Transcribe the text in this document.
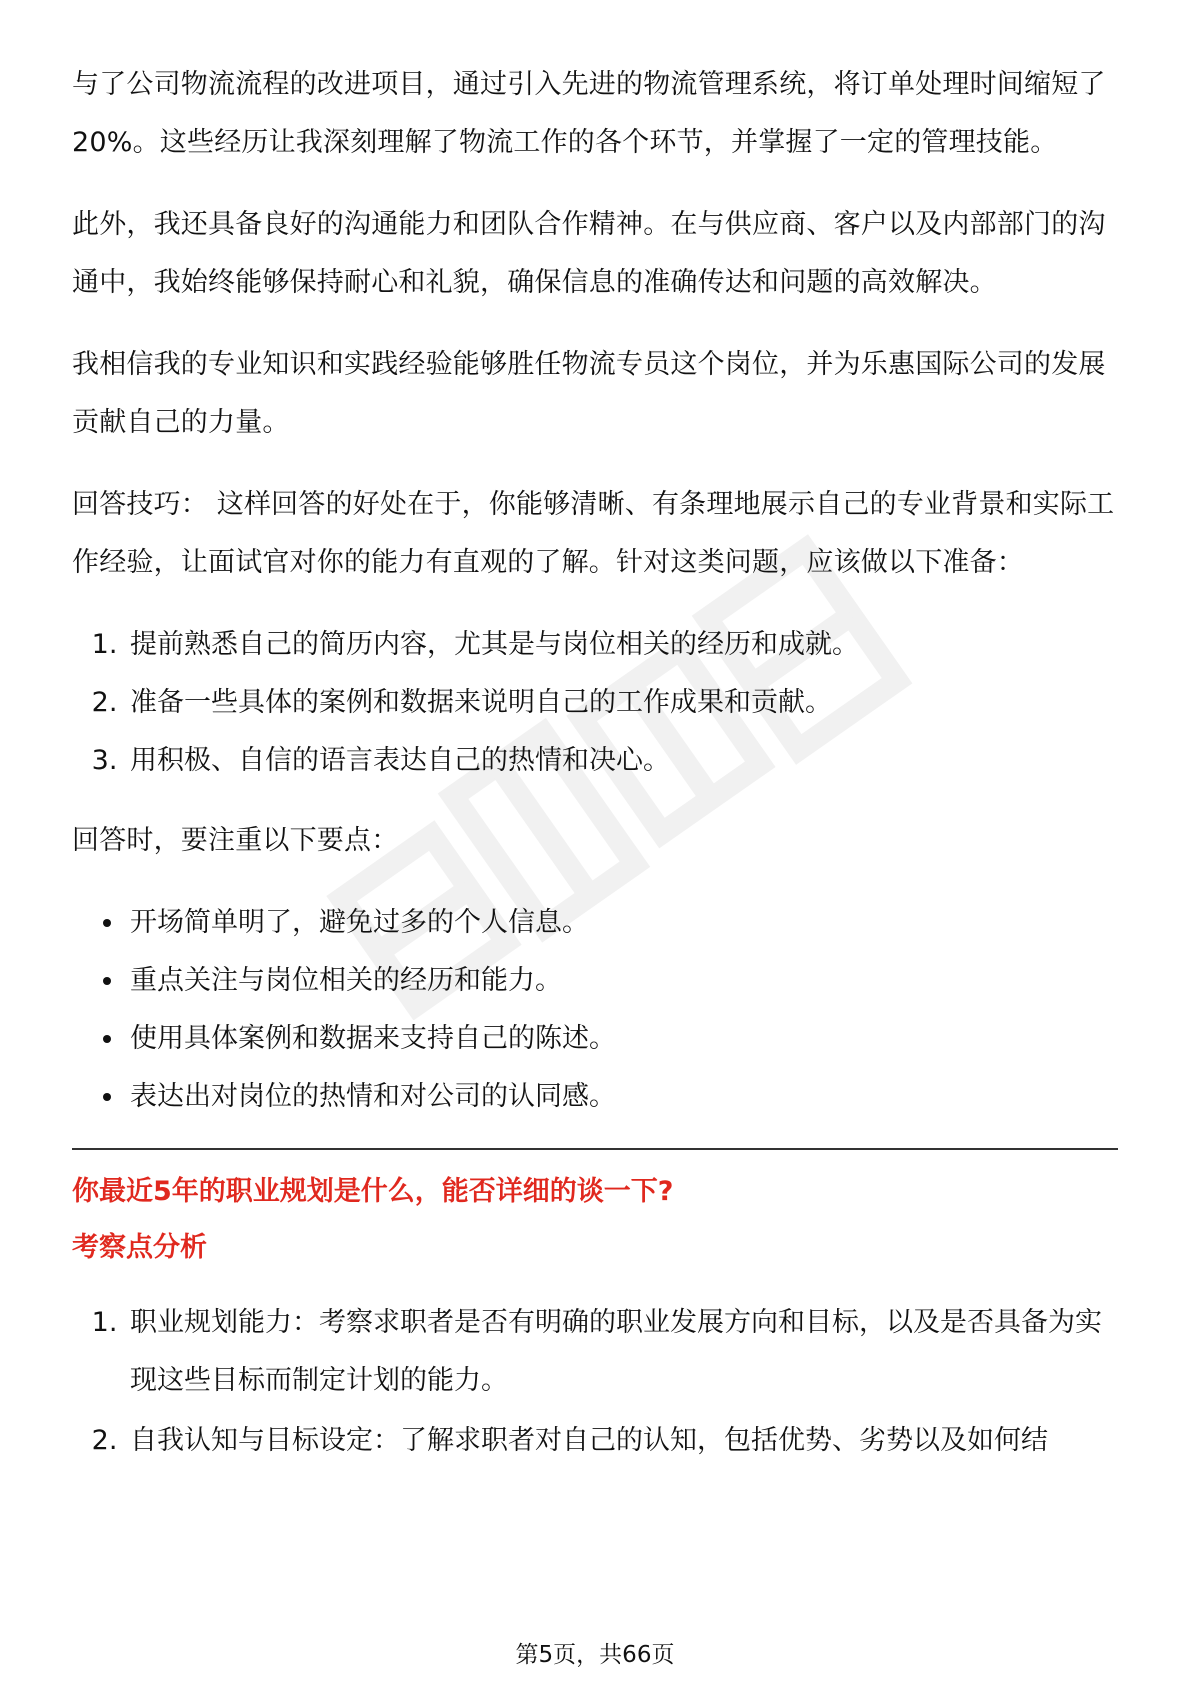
与了公司物流流程的改进项目，通过引入先进的物流管理系统，将订单处理时间缩短了20%。这些经历让我深刻理解了物流工作的各个环节，并掌握了一定的管理技能。

此外，我还具备良好的沟通能力和团队合作精神。在与供应商、客户以及内部部门的沟通中，我始终能够保持耐心和礼貌，确保信息的准确传达和问题的高效解决。

我相信我的专业知识和实践经验能够胜任物流专员这个岗位，并为乐惠国际公司的发展贡献自己的力量。

回答技巧： 这样回答的好处在于，你能够清晰、有条理地展示自己的专业背景和实际工作经验，让面试官对你的能力有直观的了解。针对这类问题，应该做以下准备：

1. 提前熟悉自己的简历内容，尤其是与岗位相关的经历和成就。
2. 准备一些具体的案例和数据来说明自己的工作成果和贡献。
3. 用积极、自信的语言表达自己的热情和决心。

回答时，要注重以下要点：

• 开场简单明了，避免过多的个人信息。
• 重点关注与岗位相关的经历和能力。
• 使用具体案例和数据来支持自己的陈述。
• 表达出对岗位的热情和对公司的认同感。

你最近5年的职业规划是什么，能否详细的谈一下?

考察点分析

1. 职业规划能力：考察求职者是否有明确的职业发展方向和目标，以及是否具备为实现这些目标而制定计划的能力。
2. 自我认知与目标设定：了解求职者对自己的认知，包括优势、劣势以及如何结
第5页，共66页
